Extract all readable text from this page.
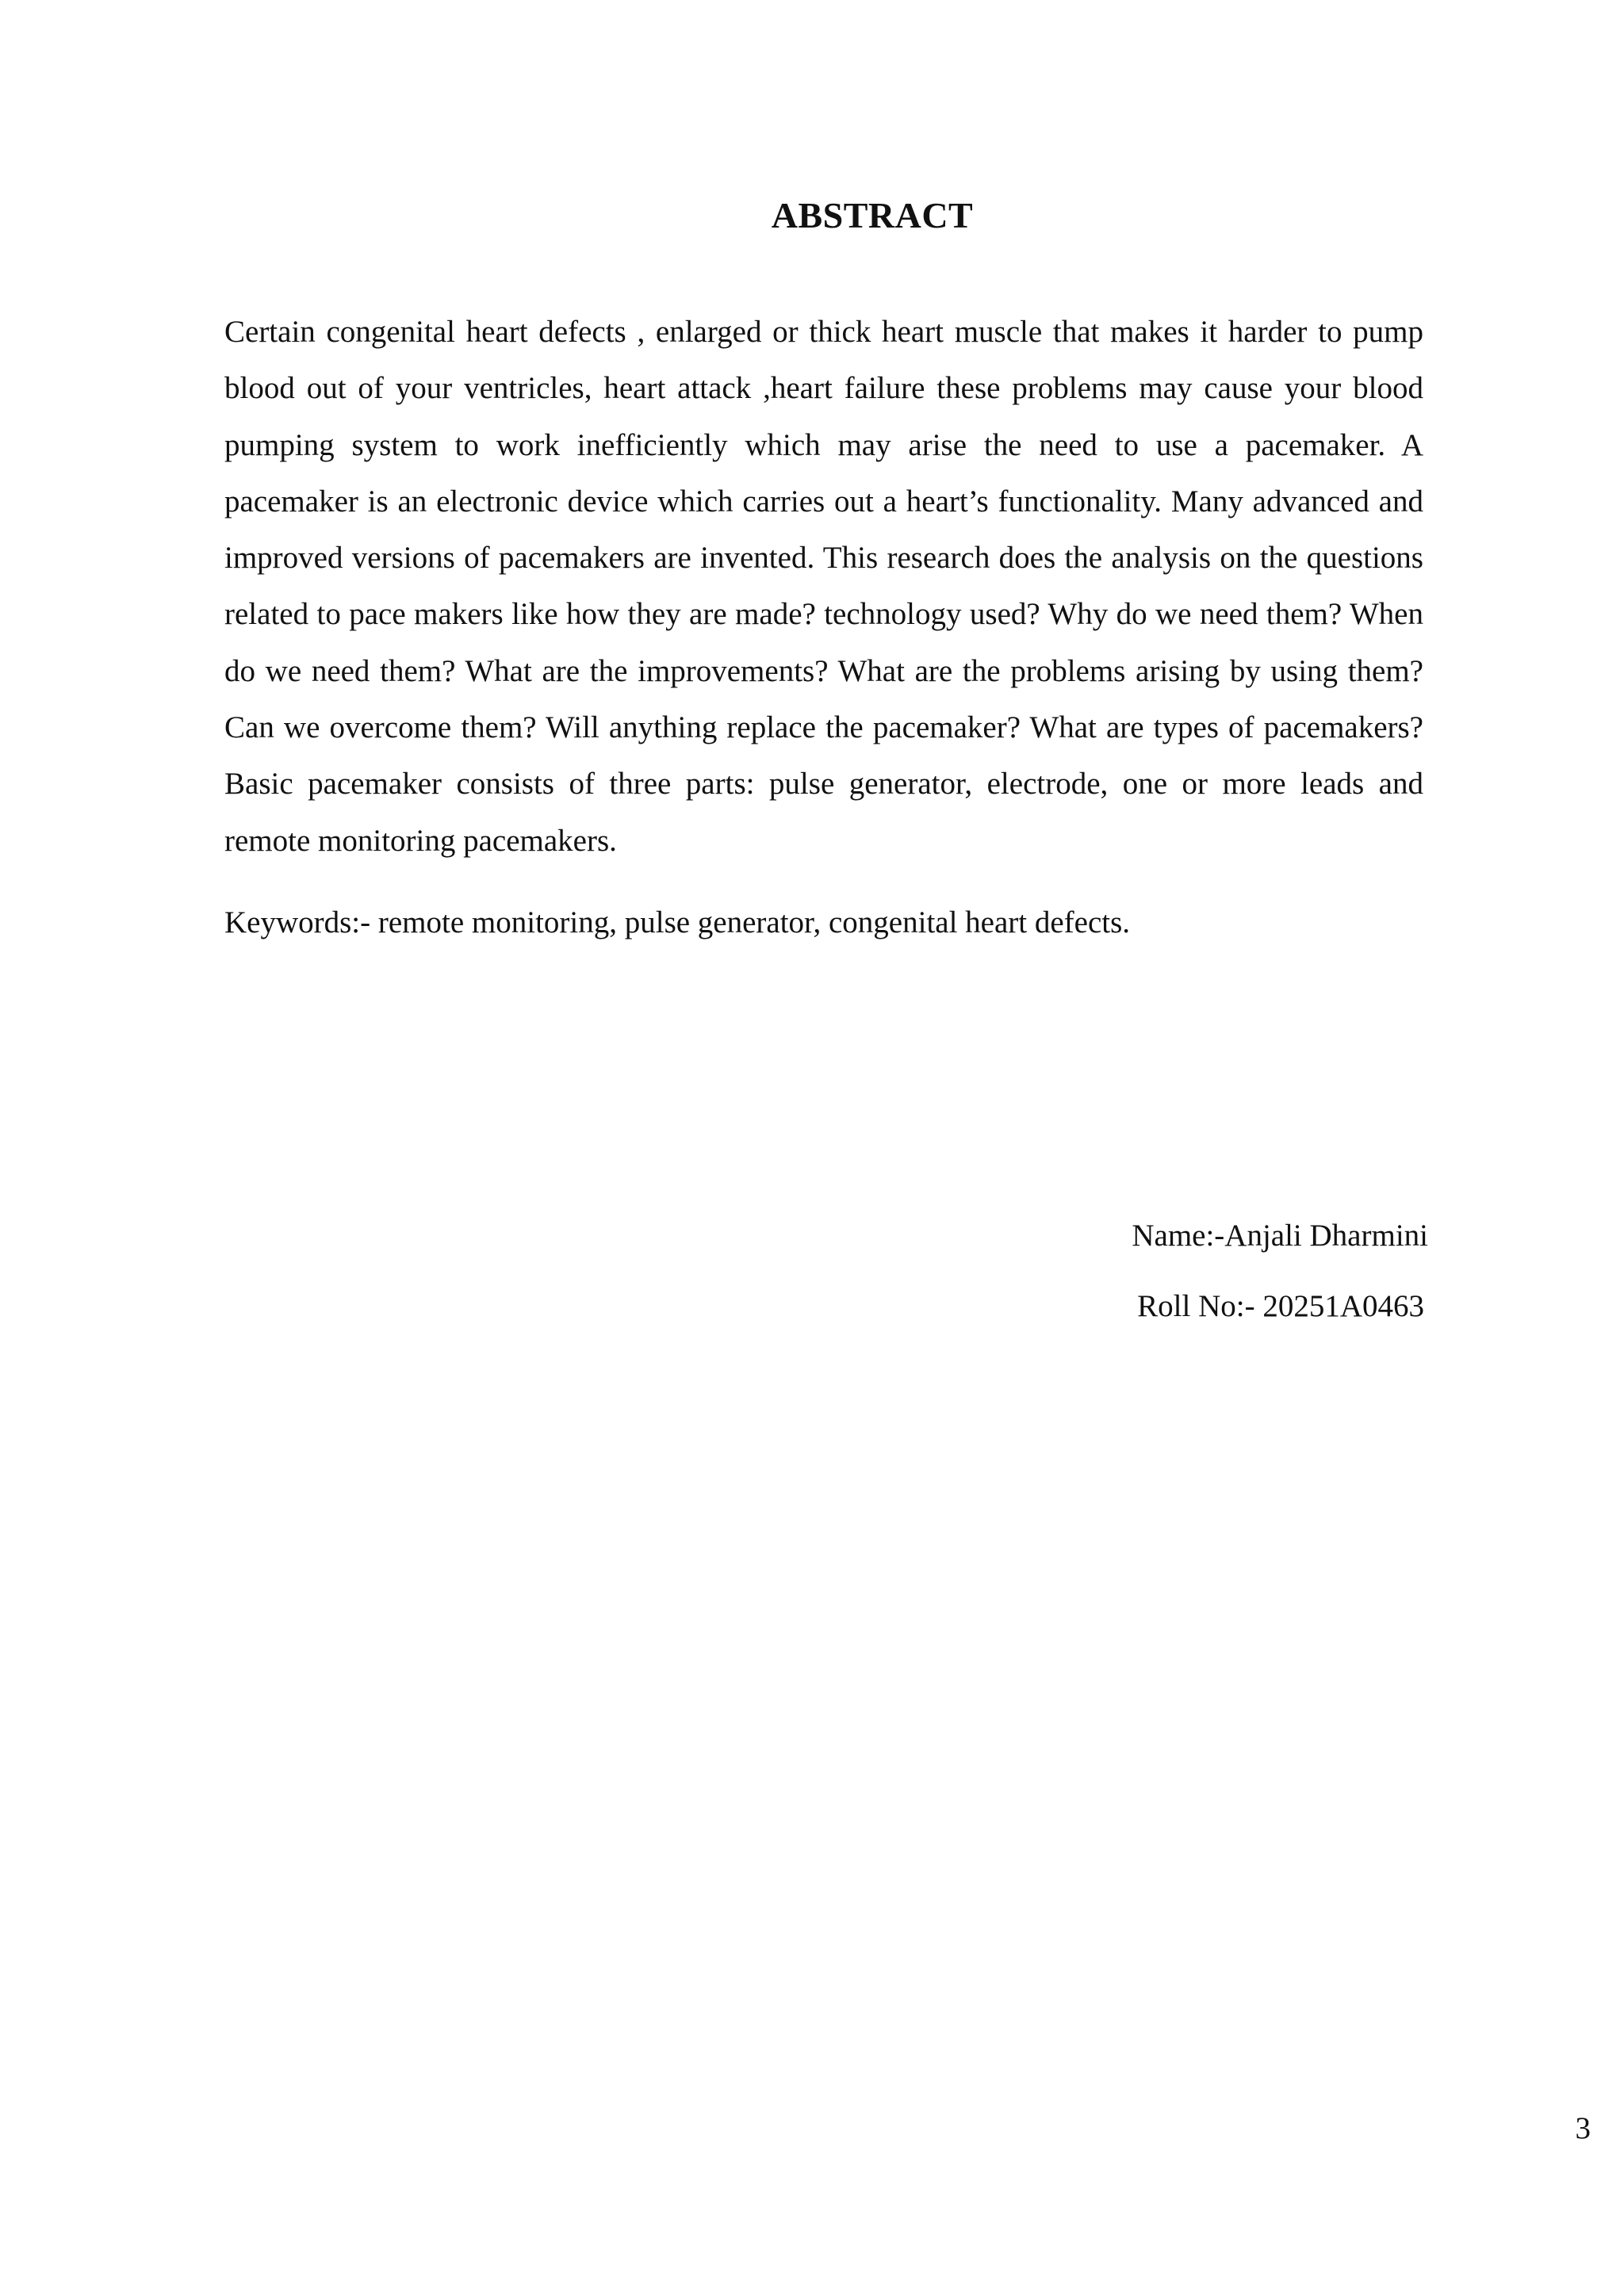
ABSTRACT

Certain congenital heart defects , enlarged or thick heart muscle that makes it harder to pump blood out of your ventricles, heart attack ,heart failure these problems may cause your blood pumping system to work inefficiently which may arise the need to use a pacemaker. A pacemaker is an electronic device which carries out a heart’s functionality. Many advanced and improved versions of pacemakers are invented. This research does the analysis on the questions related to pace makers like how they are made? technology used? Why do we need them? When do we need them? What are the improvements? What are the problems arising by using them? Can we overcome them? Will anything replace the pacemaker? What are types of pacemakers? Basic pacemaker consists of three parts: pulse generator, electrode, one or more leads and remote monitoring pacemakers.

Keywords:- remote monitoring, pulse generator, congenital heart defects.

Name:-Anjali Dharmini
Roll No:- 20251A0463
3
